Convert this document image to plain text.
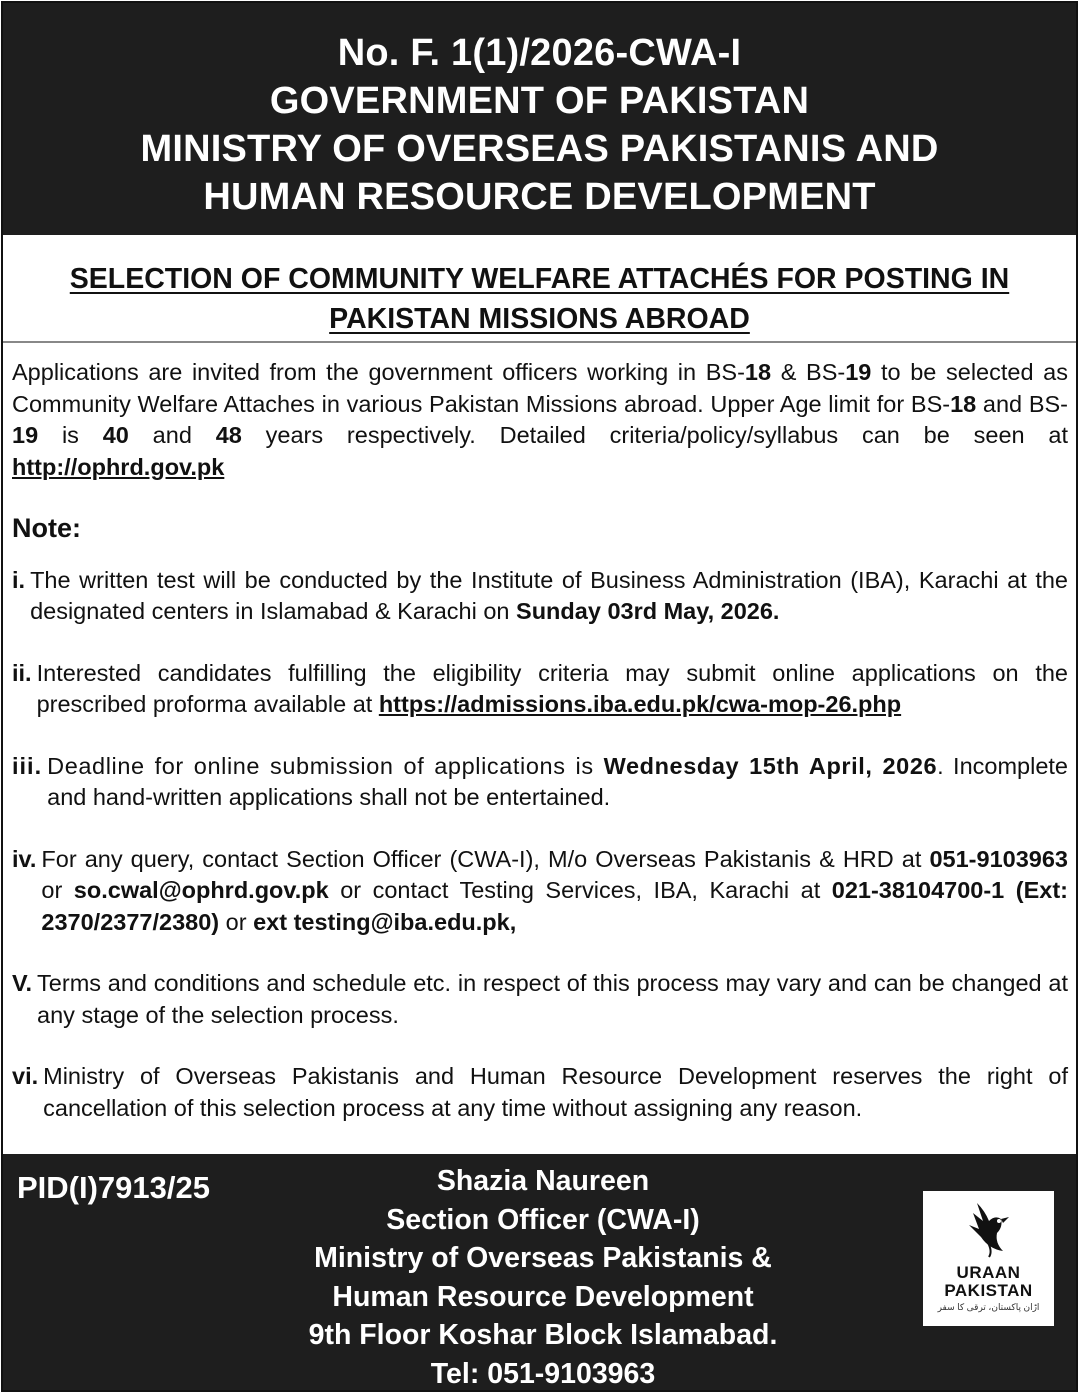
No. F. 1(1)/2026-CWA-I
GOVERNMENT OF PAKISTAN
MINISTRY OF OVERSEAS PAKISTANIS AND
HUMAN RESOURCE DEVELOPMENT
SELECTION OF COMMUNITY WELFARE ATTACHÉS FOR POSTING IN
PAKISTAN MISSIONS ABROAD
Applications are invited from the government officers working in BS-18 & BS-19 to be selected as Community Welfare Attaches in various Pakistan Missions abroad. Upper Age limit for BS-18 and BS-19 is 40 and 48 years respectively. Detailed criteria/policy/syllabus can be seen at http://ophrd.gov.pk
Note:
i. The written test will be conducted by the Institute of Business Administration (IBA), Karachi at the designated centers in Islamabad & Karachi on Sunday 03rd May, 2026.
ii. Interested candidates fulfilling the eligibility criteria may submit online applications on the prescribed proforma available at https://admissions.iba.edu.pk/cwa-mop-26.php
iii. Deadline for online submission of applications is Wednesday 15th April, 2026. Incomplete and hand-written applications shall not be entertained.
iv. For any query, contact Section Officer (CWA-I), M/o Overseas Pakistanis & HRD at 051-9103963 or so.cwal@ophrd.gov.pk or contact Testing Services, IBA, Karachi at 021-38104700-1 (Ext: 2370/2377/2380) or ext testing@iba.edu.pk,
V. Terms and conditions and schedule etc. in respect of this process may vary and can be changed at any stage of the selection process.
vi. Ministry of Overseas Pakistanis and Human Resource Development reserves the right of cancellation of this selection process at any time without assigning any reason.
PID(I)7913/25	Shazia Naureen
Section Officer (CWA-I)
Ministry of Overseas Pakistanis &
Human Resource Development
9th Floor Koshar Block Islamabad.
Tel: 051-9103963
URAAN
PAKISTAN
اڑان پاکستان، ترقی کا سفر
